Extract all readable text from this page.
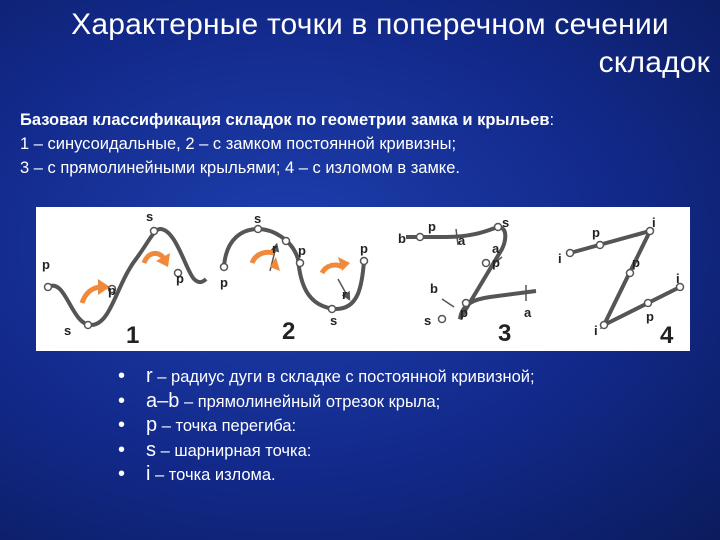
Характерные точки в поперечном сечении
складок
Базовая классификация складок по геометрии замка и крыльев:
1 – синусоидальные, 2 – с замком постоянной кривизны;
3 – с прямолинейными крыльями; 4 – с изломом в замке.
p
s
p
s
p
1
s
r
p
p
r
s
p
2
b
p
a
s
a
p
b
s
p	a
3
i
p
i
p
i
p
i
4
• r – радиус дуги в складке с постоянной кривизной;
• a–b – прямолинейный отрезок крыла;
• p – точка перегиба:
• s – шарнирная точка:
• i – точка излома.
